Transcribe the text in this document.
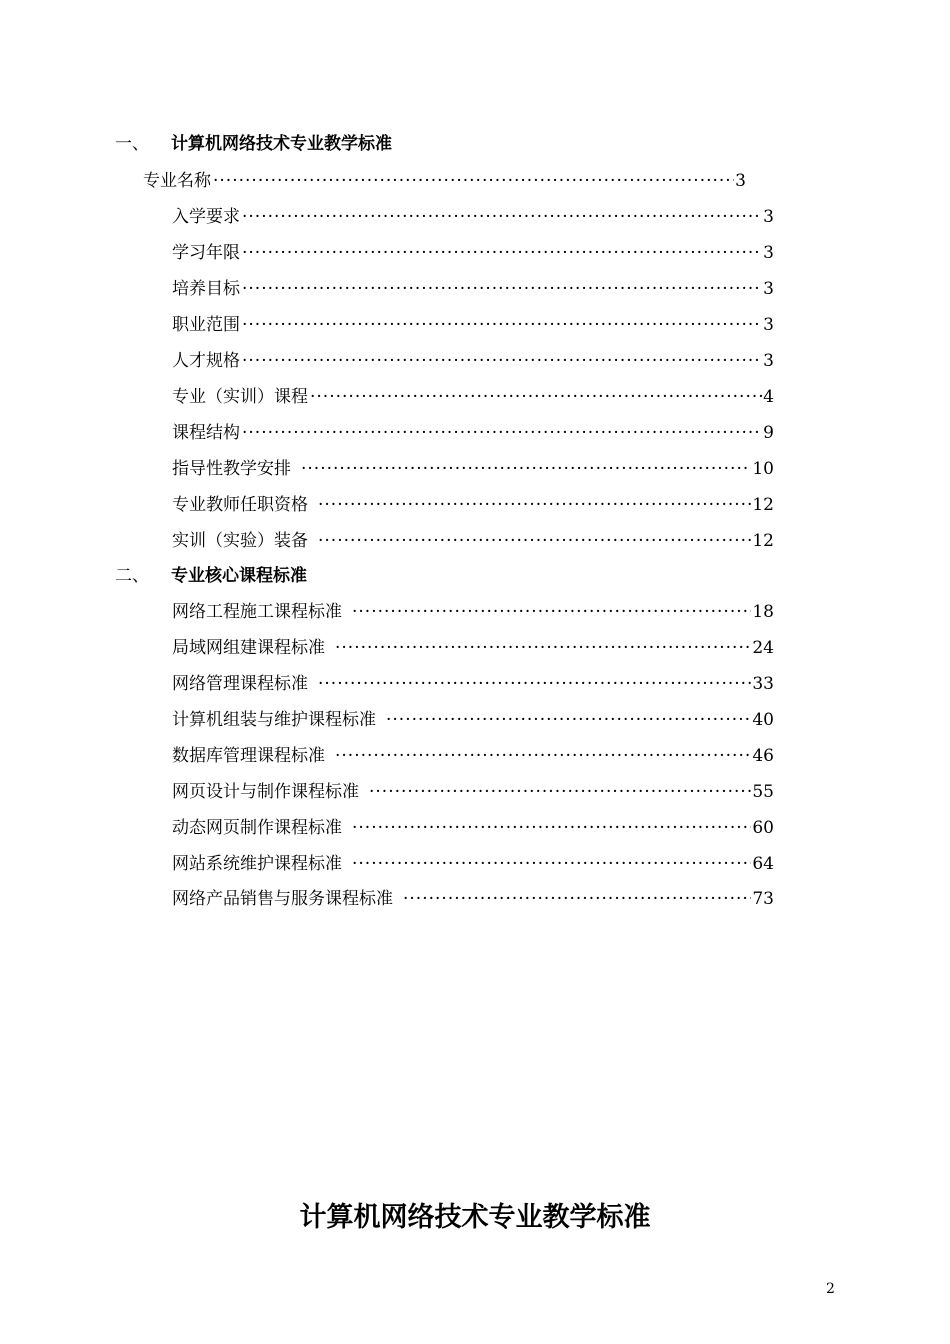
一、 计算机网络技术专业教学标准
专业名称 ·····	3
入学要求 ·····	3
学习年限 ·····	3
培养目标 ·····	3
职业范围 ·····	3
人才规格 ·····	3
专业（实训）课程 ·····	4
课程结构 ·····	9
指导性教学安排 ·····	10
专业教师任职资格 ·····	12
实训（实验）装备 ·····	12
二、 专业核心课程标准
网络工程施工课程标准 ·····	18
局域网组建课程标准 ·····	24
网络管理课程标准 ·····	33
计算机组装与维护课程标准 ·····	40
数据库管理课程标准 ·····	46
网页设计与制作课程标准 ·····	55
动态网页制作课程标准 ·····	60
网站系统维护课程标准 ·····	64
网络产品销售与服务课程标准 ·····	73
计算机网络技术专业教学标准
2
